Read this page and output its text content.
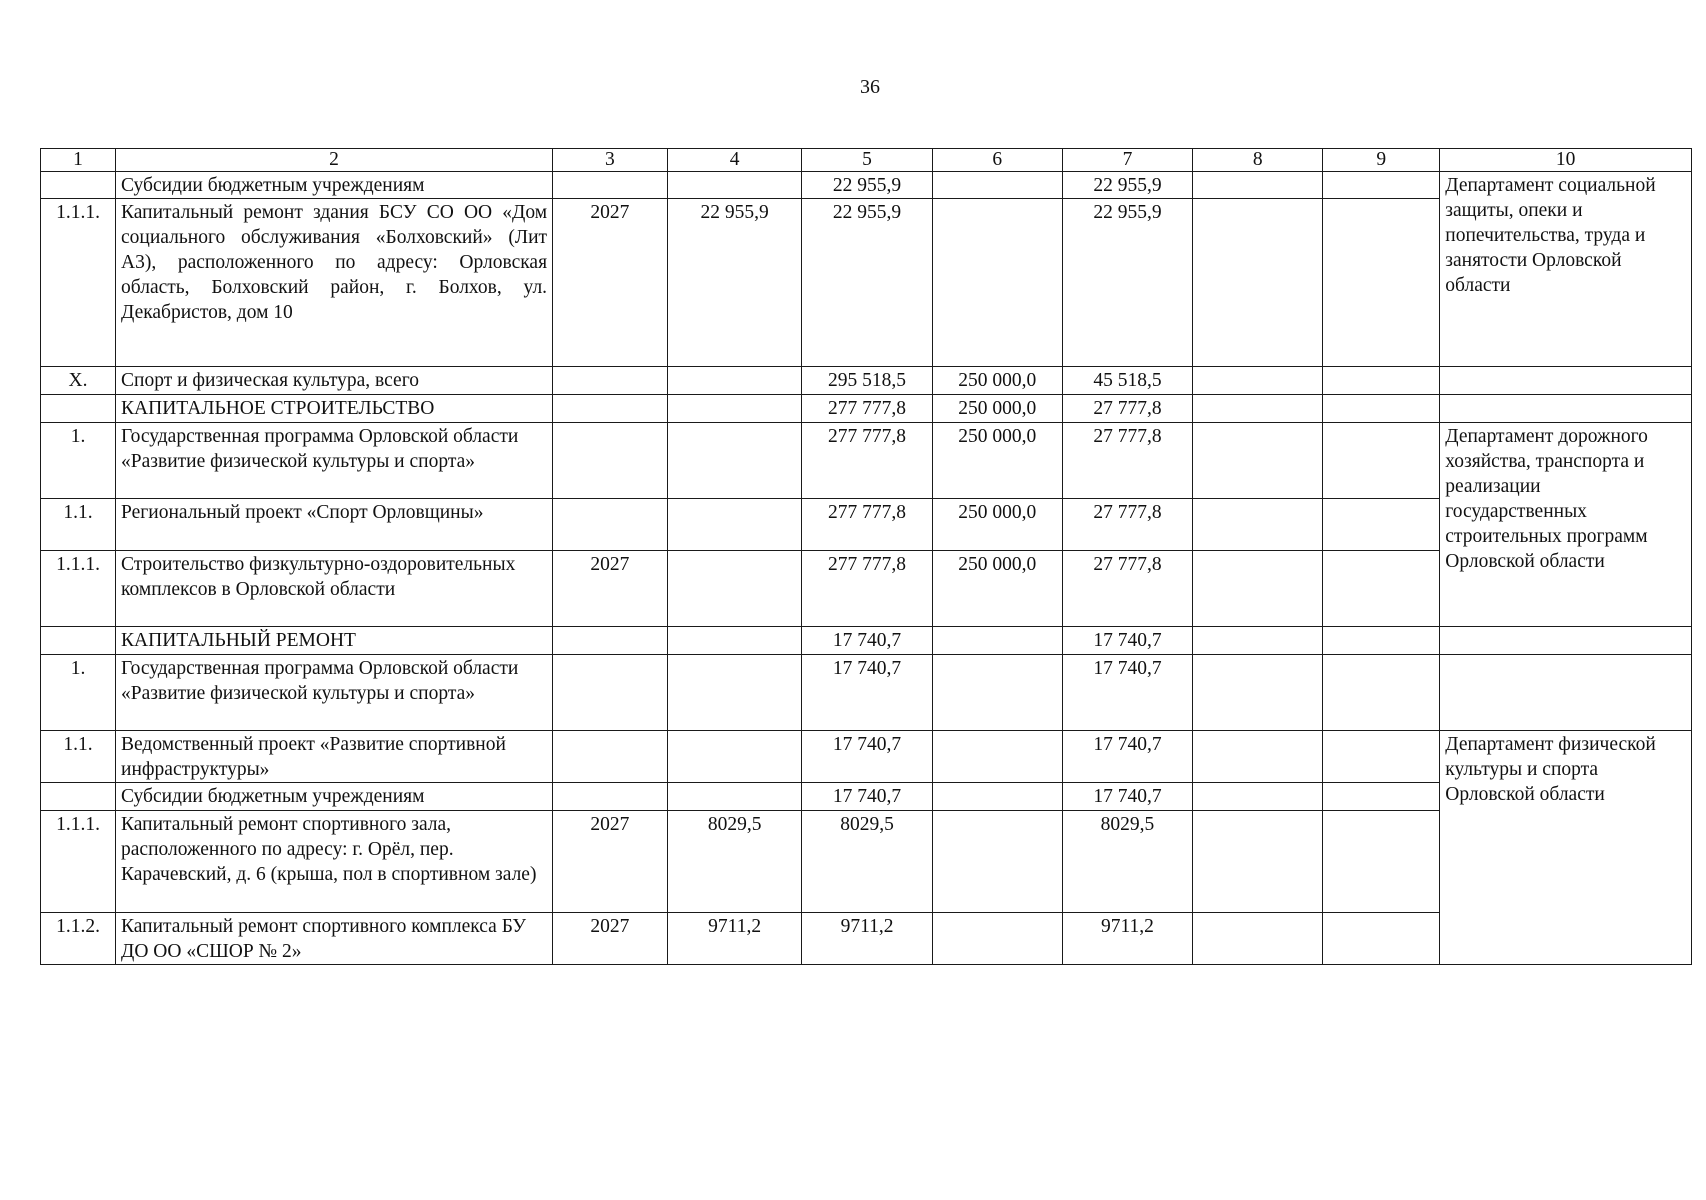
36
1	2	3	4	5	6	7	8	9	10
	Субсидии бюджетным учреждениям			22 955,9		22 955,9			Департамент социальной защиты, опеки и попечительства, труда и занятости Орловской области
1.1.1.	Капитальный ремонт здания БСУ СО ОО «Дом социального обслуживания «Болховский» (Лит А3), расположенного по адресу: Орловская область, Болховский район, г. Болхов, ул. Декабристов, дом 10	2027	22 955,9	22 955,9		22 955,9			
X.	Спорт и физическая культура, всего			295 518,5	250 000,0	45 518,5			
	КАПИТАЛЬНОЕ СТРОИТЕЛЬСТВО			277 777,8	250 000,0	27 777,8			
1.	Государственная программа Орловской области «Развитие физической культуры и спорта»			277 777,8	250 000,0	27 777,8			Департамент дорожного хозяйства, транспорта и реализации государственных строительных программ Орловской области
1.1.	Региональный проект «Спорт Орловщины»			277 777,8	250 000,0	27 777,8			
1.1.1.	Строительство физкультурно-оздоровительных комплексов в Орловской области	2027		277 777,8	250 000,0	27 777,8			
	КАПИТАЛЬНЫЙ РЕМОНТ			17 740,7		17 740,7			
1.	Государственная программа Орловской области «Развитие физической культуры и спорта»			17 740,7		17 740,7			
1.1.	Ведомственный проект «Развитие спортивной инфраструктуры»			17 740,7		17 740,7			Департамент физической культуры и спорта Орловской области
	Субсидии бюджетным учреждениям			17 740,7		17 740,7			
1.1.1.	Капитальный ремонт спортивного зала, расположенного по адресу: г. Орёл, пер. Карачевский, д. 6 (крыша, пол в спортивном зале)	2027	8029,5	8029,5		8029,5			
1.1.2.	Капитальный ремонт спортивного комплекса БУ ДО ОО «СШОР № 2»	2027	9711,2	9711,2		9711,2			
